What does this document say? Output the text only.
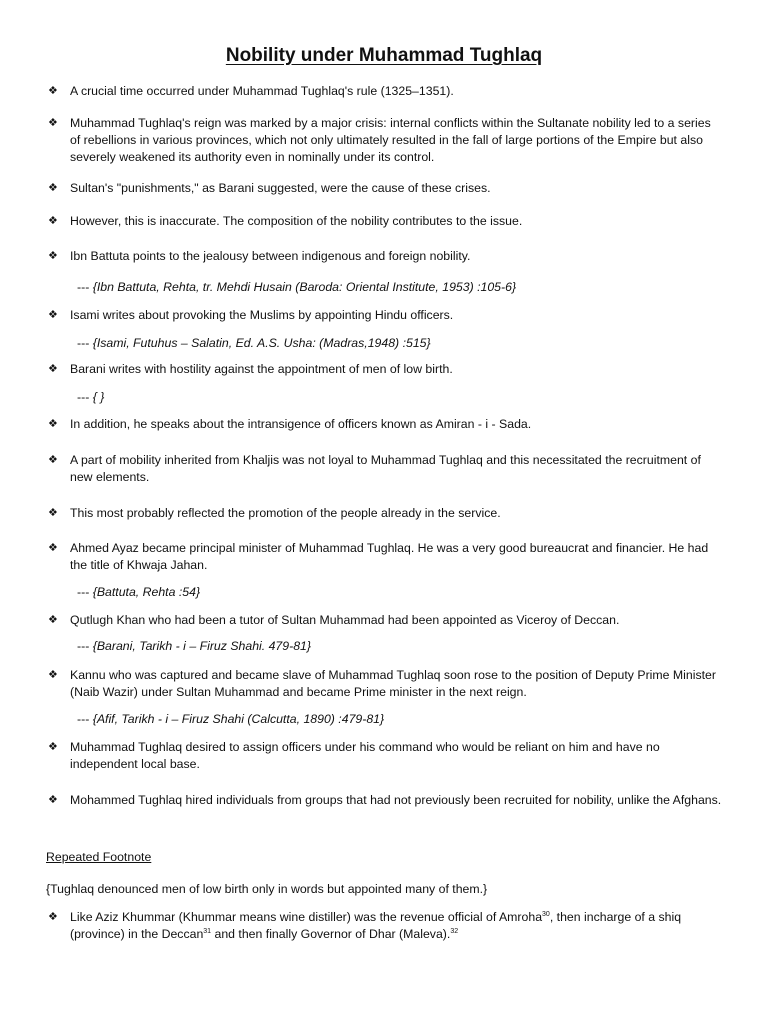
Nobility under Muhammad Tughlaq
❖ A crucial time occurred under Muhammad Tughlaq's rule (1325–1351).
❖ Muhammad Tughlaq's reign was marked by a major crisis: internal conflicts within the Sultanate nobility led to a series of rebellions in various provinces, which not only ultimately resulted in the fall of large portions of the Empire but also severely weakened its authority even in nominally under its control.
❖ Sultan's "punishments," as Barani suggested, were the cause of these crises.
❖ However, this is inaccurate. The composition of the nobility contributes to the issue.
❖ Ibn Battuta points to the jealousy between indigenous and foreign nobility.
--- {Ibn Battuta, Rehta, tr. Mehdi Husain (Baroda: Oriental Institute, 1953) :105-6}
❖ Isami writes about provoking the Muslims by appointing Hindu officers.
--- {Isami, Futuhus – Salatin, Ed. A.S. Usha: (Madras,1948) :515}
❖ Barani writes with hostility against the appointment of men of low birth.
--- { }
❖ In addition, he speaks about the intransigence of officers known as Amiran - i - Sada.
❖ A part of mobility inherited from Khaljis was not loyal to Muhammad Tughlaq and this necessitated the recruitment of new elements.
❖ This most probably reflected the promotion of the people already in the service.
❖ Ahmed Ayaz became principal minister of Muhammad Tughlaq. He was a very good bureaucrat and financier. He had the title of Khwaja Jahan.
--- {Battuta, Rehta :54}
❖ Qutlugh Khan who had been a tutor of Sultan Muhammad had been appointed as Viceroy of Deccan.
--- {Barani, Tarikh - i – Firuz Shahi. 479-81}
❖ Kannu who was captured and became slave of Muhammad Tughlaq soon rose to the position of Deputy Prime Minister (Naib Wazir) under Sultan Muhammad and became Prime minister in the next reign.
--- {Afif, Tarikh - i – Firuz Shahi (Calcutta, 1890) :479-81}
❖ Muhammad Tughlaq desired to assign officers under his command who would be reliant on him and have no independent local base.
❖ Mohammed Tughlaq hired individuals from groups that had not previously been recruited for nobility, unlike the Afghans.
Repeated Footnote
{Tughlaq denounced men of low birth only in words but appointed many of them.}
❖ Like Aziz Khummar (Khummar means wine distiller) was the revenue official of Amroha$^{30}$, then incharge of a shiq (province) in the Deccan$^{31}$ and then finally Governor of Dhar (Maleva).$^{32}$
